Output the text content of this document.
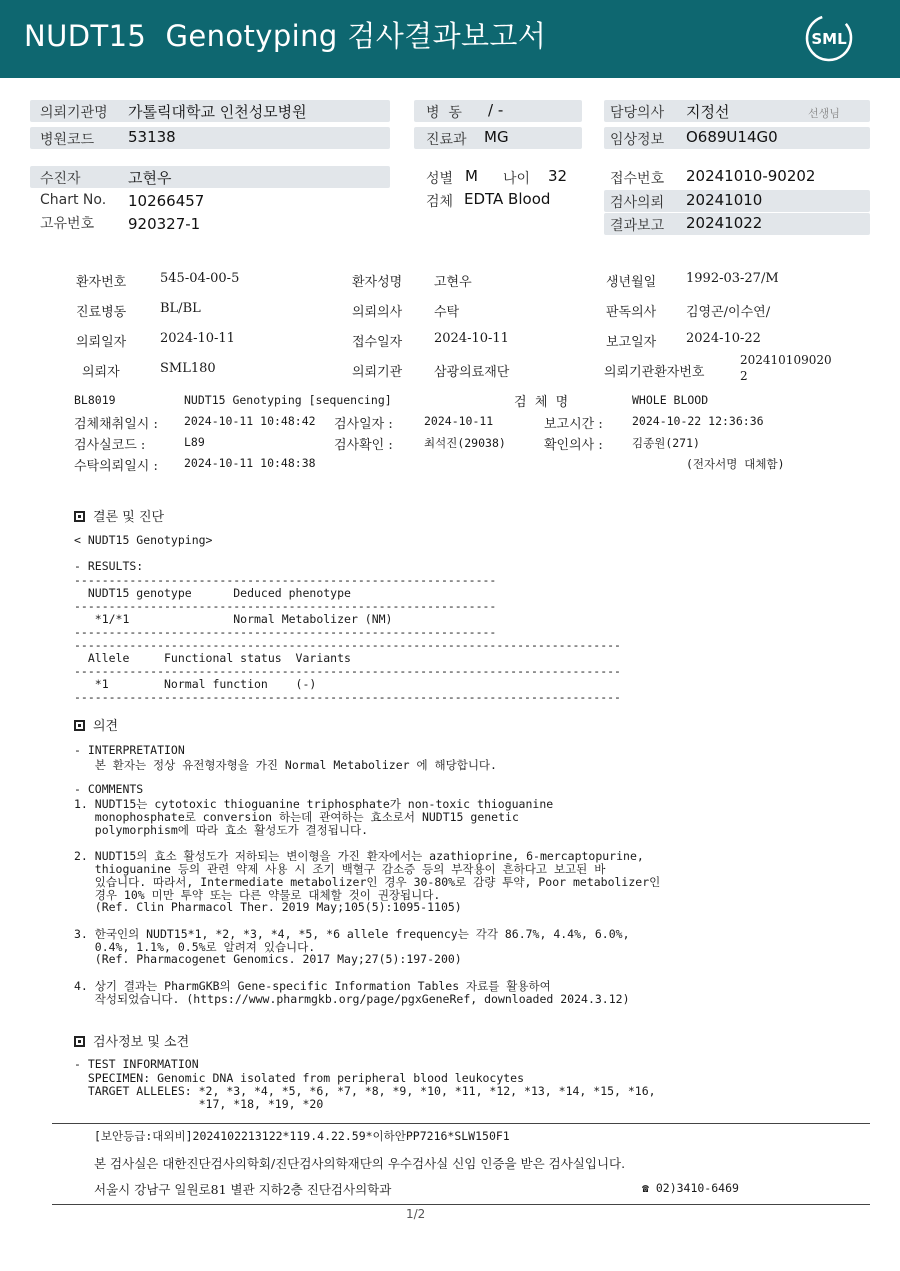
NUDT15  Genotyping 검사결과보고서	SML
의뢰기관명 가톨릭대학교 인천성모병원
병원코드 53138
병  동 / -
진료과 MG
담당의사 지정선	선생님
임상정보 O689U14G0
수진자	고현우
Chart No. 10266457
고유번호 920327-1
성별 M 나이 32
검체 EDTA Blood
접수번호 20241010-90202
검사의뢰 20241010
결과보고 20241022
환자번호	545-04-00-5	환자성명 고현우	생년월일 1992-03-27/M
진료병동	BL/BL	의뢰의사 수탁	판독의사 김영곤/이수연/
의뢰일자	2024-10-11	접수일자 2024-10-11	보고일자 2024-10-22
의뢰자	SML180	의뢰기관 삼광의료재단	의뢰기관환자번호
202410109020
2
BL8019	NUDT15 Genotyping [sequencing]	검  체  명	WHOLE BLOOD
검체채취일시 : 2024-10-11 10:48:42 검사일자 :	2024-10-11	보고시간 :	2024-10-22 12:36:36
검사실코드 :	L89	검사확인 :	최석진(29038)	확인의사 :	김종원(271)
수탁의뢰일시 : 2024-10-11 10:48:38	(전자서명 대체함)
결론 및 진단
< NUDT15 Genotyping>
- RESULTS:
-------------------------------------------------------------
NUDT15 genotype      Deduced phenotype
-------------------------------------------------------------
*1/*1               Normal Metabolizer (NM)
-------------------------------------------------------------
-------------------------------------------------------------------------------
Allele     Functional status  Variants
-------------------------------------------------------------------------------
*1        Normal function    (-)
-------------------------------------------------------------------------------
의견
- INTERPRETATION
본 환자는 정상 유전형자형을 가진 Normal Metabolizer 에 해당합니다.
- COMMENTS
1. NUDT15는 cytotoxic thioguanine triphosphate가 non-toxic thioguanine
monophosphate로 conversion 하는데 관여하는 효소로서 NUDT15 genetic
polymorphism에 따라 효소 활성도가 결정됩니다.
2. NUDT15의 효소 활성도가 저하되는 변이형을 가진 환자에서는 azathioprine, 6-mercaptopurine,
thioguanine 등의 관련 약제 사용 시 조기 백혈구 감소증 등의 부작용이 흔하다고 보고된 바
있습니다. 따라서, Intermediate metabolizer인 경우 30-80%로 감량 투약, Poor metabolizer인
경우 10% 미만 투약 또는 다른 약물로 대체할 것이 권장됩니다.
(Ref. Clin Pharmacol Ther. 2019 May;105(5):1095-1105)
3. 한국인의 NUDT15*1, *2, *3, *4, *5, *6 allele frequency는 각각 86.7%, 4.4%, 6.0%,
0.4%, 1.1%, 0.5%로 알려져 있습니다.
(Ref. Pharmacogenet Genomics. 2017 May;27(5):197-200)
4. 상기 결과는 PharmGKB의 Gene-specific Information Tables 자료를 활용하여
작성되었습니다. (https://www.pharmgkb.org/page/pgxGeneRef, downloaded 2024.3.12)
검사정보 및 소견
- TEST INFORMATION
SPECIMEN: Genomic DNA isolated from peripheral blood leukocytes
TARGET ALLELES: *2, *3, *4, *5, *6, *7, *8, *9, *10, *11, *12, *13, *14, *15, *16,
*17, *18, *19, *20
[보안등급:대외비]2024102213122*119.4.22.59*이하안PP7216*SLW150F1
본 검사실은 대한진단검사의학회/진단검사의학재단의 우수검사실 신임 인증을 받은 검사실입니다.
서울시 강남구 일원로81 별관 지하2층 진단검사의학과	☎ 02)3410-6469
1/2
